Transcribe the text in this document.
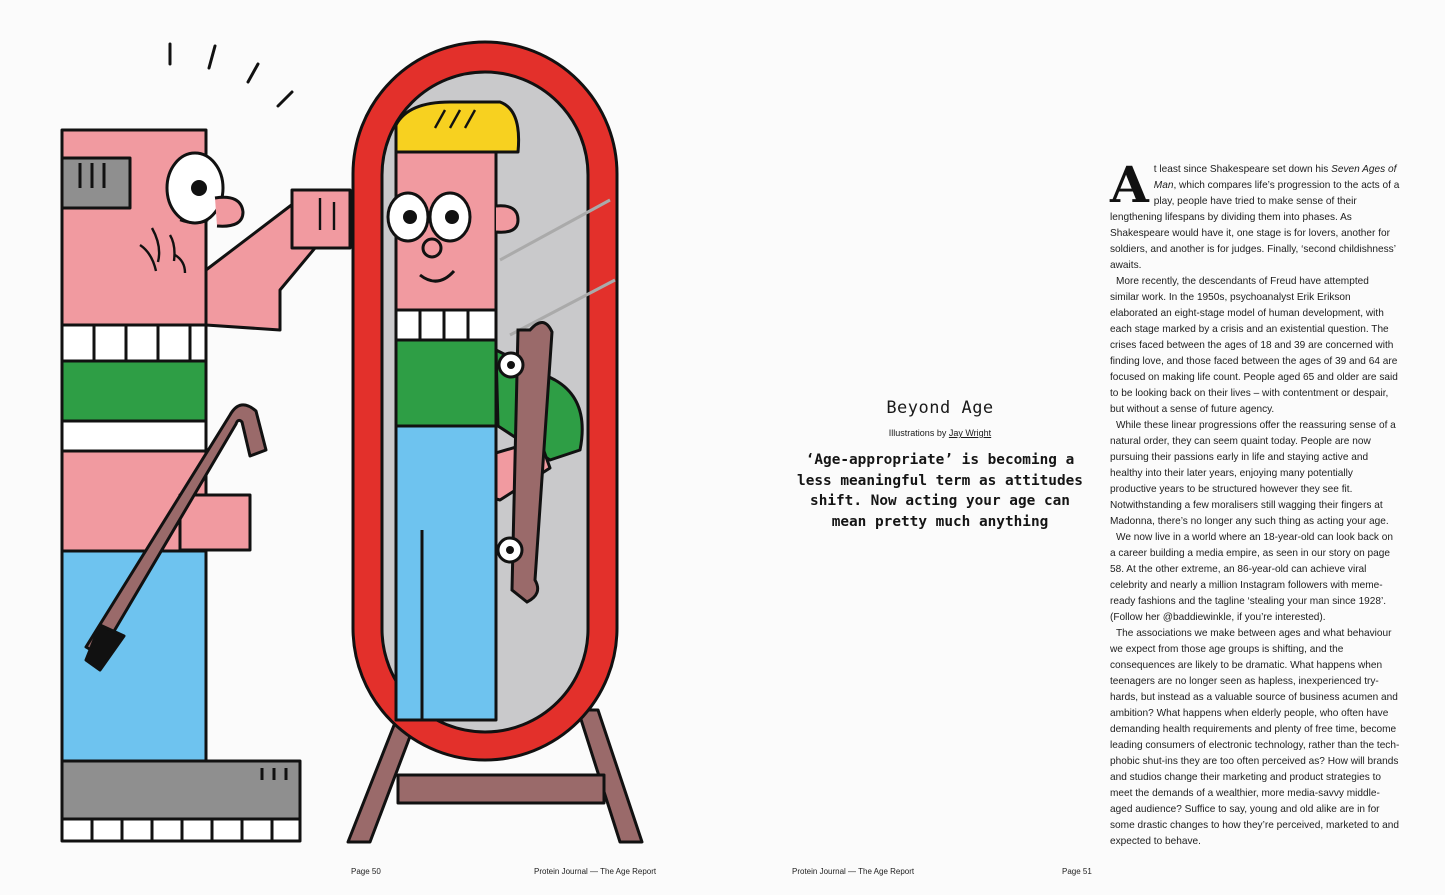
Beyond Age
Illustrations by Jay Wright
‘Age-appropriate’ is becoming a less meaningful term as attitudes shift. Now acting your age can mean pretty much anything

At least since Shakespeare set down his Seven Ages of Man, which compares life’s progression to the acts of a play, people have tried to make sense of their lengthening lifespans by dividing them into phases. As Shakespeare would have it, one stage is for lovers, another for soldiers, and another is for judges. Finally, ‘second childishness’ awaits.

More recently, the descendants of Freud have attempted similar work. In the 1950s, psychoanalyst Erik Erikson elaborated an eight-stage model of human development, with each stage marked by a crisis and an existential question. The crises faced between the ages of 18 and 39 are concerned with finding love, and those faced between the ages of 39 and 64 are focused on making life count. People aged 65 and older are said to be looking back on their lives – with contentment or despair, but without a sense of future agency.

While these linear progressions offer the reassuring sense of a natural order, they can seem quaint today. People are now pursuing their passions early in life and staying active and healthy into their later years, enjoying many potentially productive years to be structured however they see fit. Notwithstanding a few moralisers still wagging their fingers at Madonna, there’s no longer any such thing as acting your age.

We now live in a world where an 18-year-old can look back on a career building a media empire, as seen in our story on page 58. At the other extreme, an 86-year-old can achieve viral celebrity and nearly a million Instagram followers with meme-ready fashions and the tagline ‘stealing your man since 1928’. (Follow her @baddiewinkle, if you’re interested).

The associations we make between ages and what behaviour we expect from those age groups is shifting, and the consequences are likely to be dramatic. What happens when teenagers are no longer seen as hapless, inexperienced try-hards, but instead as a valuable source of business acumen and ambition? What happens when elderly people, who often have demanding health requirements and plenty of free time, become leading consumers of electronic technology, rather than the tech-phobic shut-ins they are too often perceived as? How will brands and studios change their marketing and product strategies to meet the demands of a wealthier, more media-savvy middle-aged audience? Suffice to say, young and old alike are in for some drastic changes to how they’re perceived, marketed to and expected to behave.

Page 50	Protein Journal — The Age Report	Protein Journal — The Age Report	Page 51
